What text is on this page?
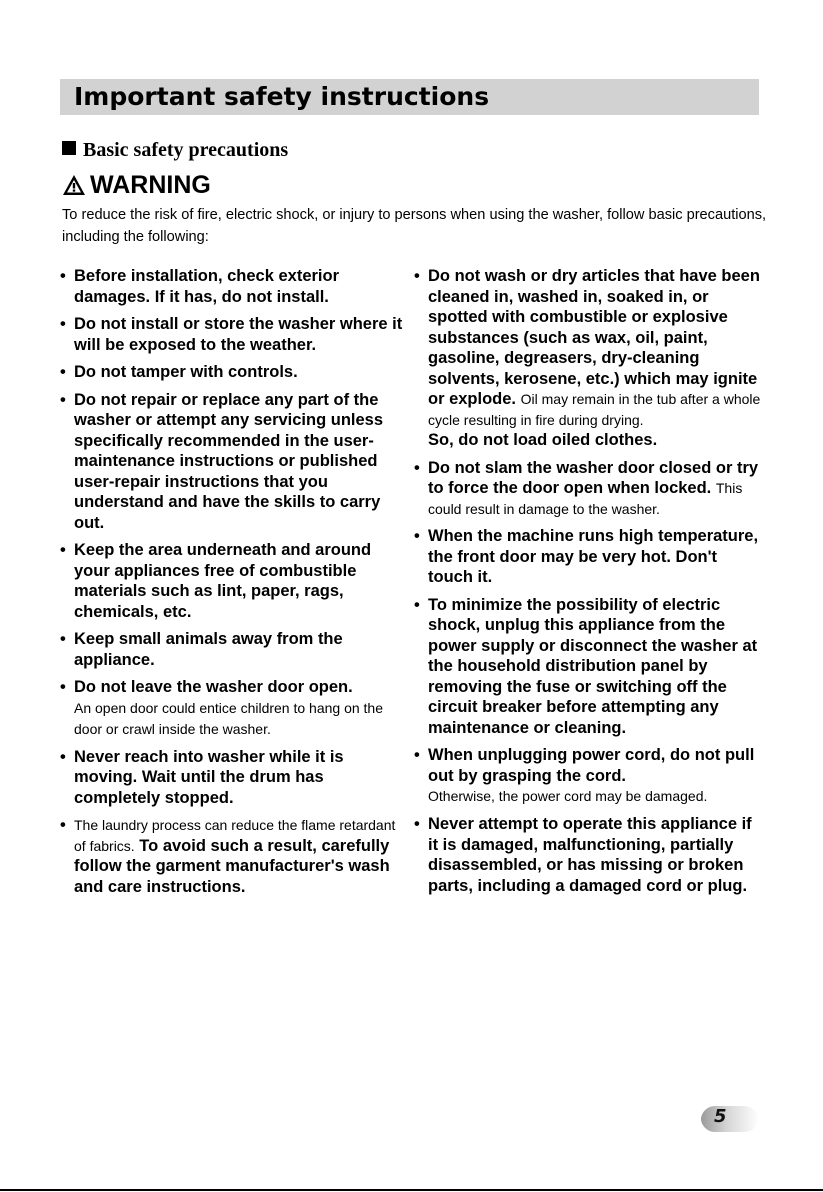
Important safety instructions
Basic safety precautions
WARNING
To reduce the risk of fire, electric shock, or injury to persons when using the washer, follow basic precautions, including the following:
• Before installation, check exterior damages. If it has, do not install.
• Do not install or store the washer where it will be exposed to the weather.
• Do not tamper with controls.
• Do not repair or replace any part of the washer or attempt any servicing unless specifically recommended in the user-maintenance instructions or published user-repair instructions that you understand and have the skills to carry out.
• Keep the area underneath and around your appliances free of combustible materials such as lint, paper, rags, chemicals, etc.
• Keep small animals away from the appliance.
• Do not leave the washer door open.
An open door could entice children to hang on the door or crawl inside the washer.
• Never reach into washer while it is moving. Wait until the drum has completely stopped.
• The laundry process can reduce the flame retardant of fabrics. To avoid such a result, carefully follow the garment manufacturer's wash and care instructions.
• Do not wash or dry articles that have been cleaned in, washed in, soaked in, or spotted with combustible or explosive substances (such as wax, oil, paint, gasoline, degreasers, dry-cleaning solvents, kerosene, etc.) which may ignite or explode. Oil may remain in the tub after a whole cycle resulting in fire during drying.
So, do not load oiled clothes.
• Do not slam the washer door closed or try to force the door open when locked. This could result in damage to the washer.
• When the machine runs high temperature, the front door may be very hot. Don't touch it.
• To minimize the possibility of electric shock, unplug this appliance from the power supply or disconnect the washer at the household distribution panel by removing the fuse or switching off the circuit breaker before attempting any maintenance or cleaning.
• When unplugging power cord, do not pull out by grasping the cord.
Otherwise, the power cord may be damaged.
• Never attempt to operate this appliance if it is damaged, malfunctioning, partially disassembled, or has missing or broken parts, including a damaged cord or plug.
5
